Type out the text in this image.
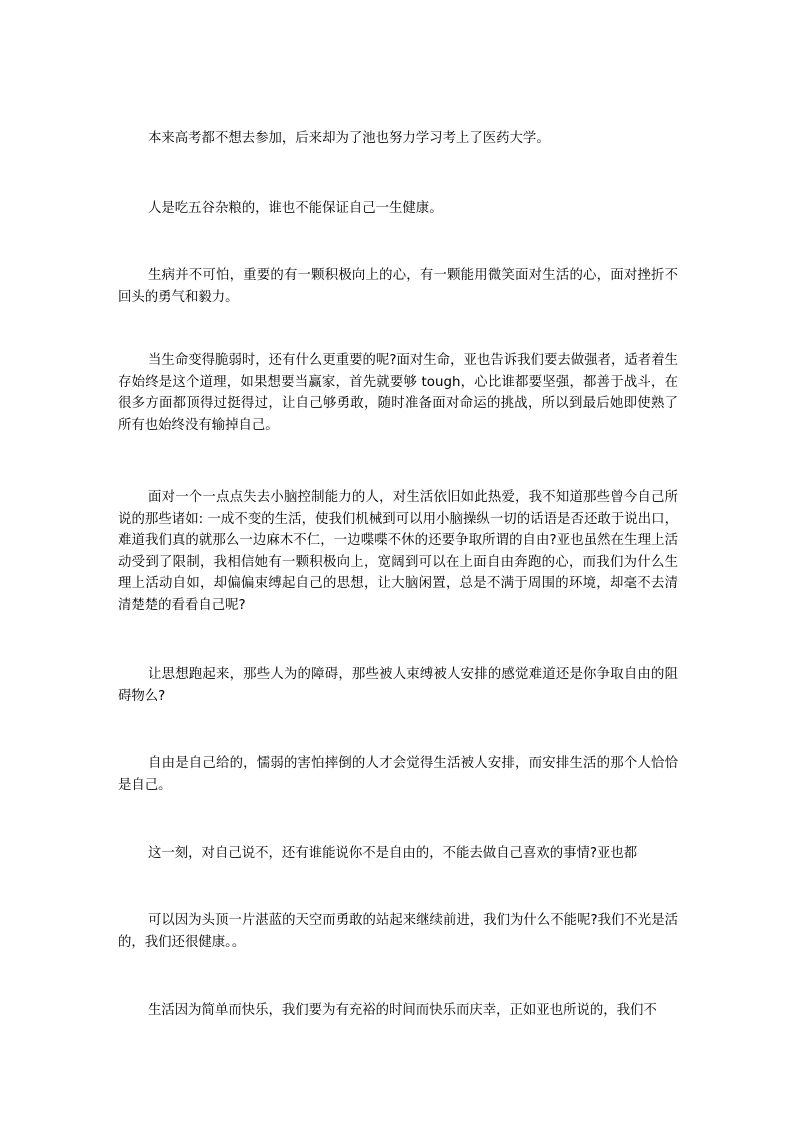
本来高考都不想去参加，后来却为了池也努力学习考上了医药大学。

人是吃五谷杂粮的，谁也不能保证自己一生健康。

生病并不可怕，重要的有一颗积极向上的心，有一颗能用微笑面对生活的心，面对挫折不回头的勇气和毅力。

当生命变得脆弱时，还有什么更重要的呢?面对生命，亚也告诉我们要去做强者，适者着生存始终是这个道理，如果想要当赢家，首先就要够 tough，心比谁都要坚强，都善于战斗，在很多方面都顶得过挺得过，让自己够勇敢，随时准备面对命运的挑战，所以到最后她即使熟了所有也始终没有输掉自己。

面对一个一点点失去小脑控制能力的人，对生活依旧如此热爱，我不知道那些曾今自己所说的那些诸如: 一成不变的生活，使我们机械到可以用小脑操纵一切的话语是否还敢于说出口，难道我们真的就那么一边麻木不仁，一边喋喋不休的还要争取所谓的自由?亚也虽然在生理上活动受到了限制，我相信她有一颗积极向上，宽阔到可以在上面自由奔跑的心，而我们为什么生理上活动自如，却偏偏束缚起自己的思想，让大脑闲置，总是不满于周围的环境，却毫不去清清楚楚的看看自己呢?

让思想跑起来，那些人为的障碍，那些被人束缚被人安排的感觉难道还是你争取自由的阻碍物么?

自由是自己给的，懦弱的害怕摔倒的人才会觉得生活被人安排，而安排生活的那个人恰恰是自己。

这一刻，对自己说不，还有谁能说你不是自由的，不能去做自己喜欢的事情?亚也都

可以因为头顶一片湛蓝的天空而勇敢的站起来继续前进，我们为什么不能呢?我们不光是活的，我们还很健康。。

生活因为简单而快乐，我们要为有充裕的时间而快乐而庆幸，正如亚也所说的，我们不
